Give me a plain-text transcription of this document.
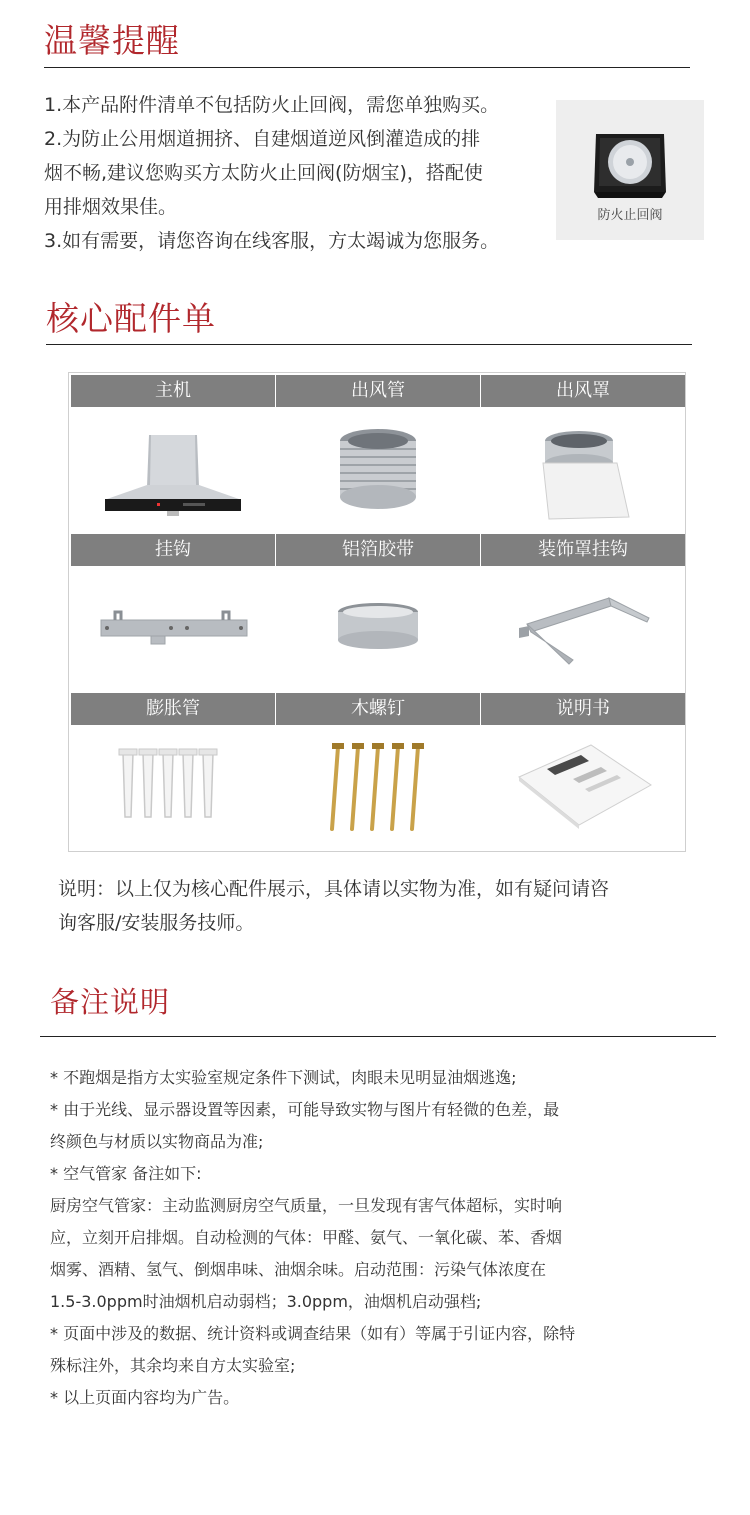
温馨提醒
1.本产品附件清单不包括防火止回阀，需您单独购买。
2.为防止公用烟道拥挤、自建烟道逆风倒灌造成的排
烟不畅,建议您购买方太防火止回阀(防烟宝)，搭配使
用排烟效果佳。
3.如有需要，请您咨询在线客服，方太竭诚为您服务。
防火止回阀
核心配件单
主机	出风管	出风罩
挂钩	铝箔胶带	装饰罩挂钩
膨胀管	木螺钉	说明书
说明：以上仅为核心配件展示，具体请以实物为准，如有疑问请咨
询客服/安装服务技师。
备注说明
* 不跑烟是指方太实验室规定条件下测试，肉眼未见明显油烟逃逸;
* 由于光线、显示器设置等因素，可能导致实物与图片有轻微的色差，最
终颜色与材质以实物商品为准;
* 空气管家 备注如下:
厨房空气管家：主动监测厨房空气质量，一旦发现有害气体超标，实时响
应，立刻开启排烟。自动检测的气体：甲醛、氨气、一氧化碳、苯、香烟
烟雾、酒精、氢气、倒烟串味、油烟余味。启动范围：污染气体浓度在
1.5-3.0ppm时油烟机启动弱档；3.0ppm，油烟机启动强档;
* 页面中涉及的数据、统计资料或调查结果（如有）等属于引证内容，除特
殊标注外，其余均来自方太实验室;
* 以上页面内容均为广告。
